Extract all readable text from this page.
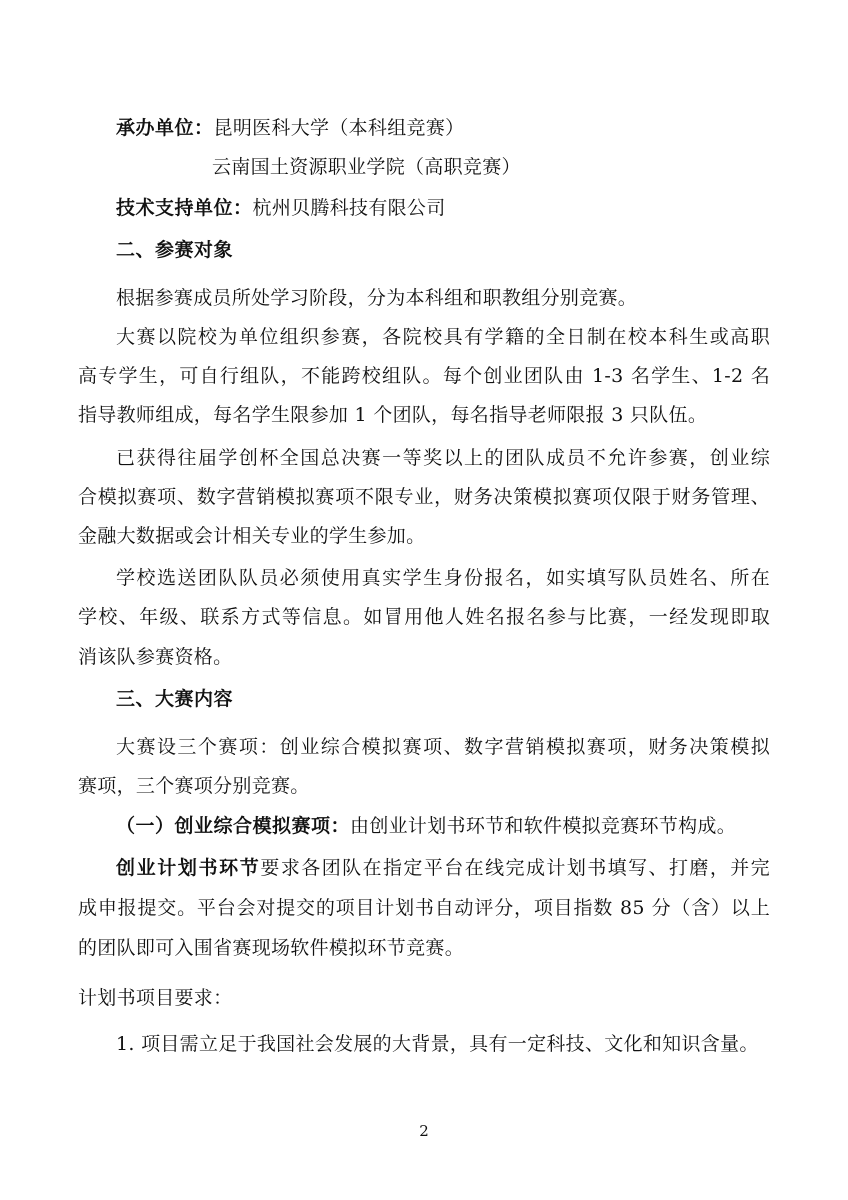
承办单位：昆明医科大学（本科组竞赛）
云南国土资源职业学院（高职竞赛）
技术支持单位：杭州贝腾科技有限公司
二、参赛对象
根据参赛成员所处学习阶段，分为本科组和职教组分别竞赛。
大赛以院校为单位组织参赛，各院校具有学籍的全日制在校本科生或高职
高专学生，可自行组队，不能跨校组队。每个创业团队由 1-3 名学生、1-2 名
指导教师组成，每名学生限参加 1 个团队，每名指导老师限报 3 只队伍。
已获得往届学创杯全国总决赛一等奖以上的团队成员不允许参赛，创业综
合模拟赛项、数字营销模拟赛项不限专业，财务决策模拟赛项仅限于财务管理、
金融大数据或会计相关专业的学生参加。
学校选送团队队员必须使用真实学生身份报名，如实填写队员姓名、所在
学校、年级、联系方式等信息。如冒用他人姓名报名参与比赛，一经发现即取
消该队参赛资格。
三、大赛内容
大赛设三个赛项：创业综合模拟赛项、数字营销模拟赛项，财务决策模拟
赛项，三个赛项分别竞赛。
（一）创业综合模拟赛项：由创业计划书环节和软件模拟竞赛环节构成。
创业计划书环节要求各团队在指定平台在线完成计划书填写、打磨，并完
成申报提交。平台会对提交的项目计划书自动评分，项目指数 85 分（含）以上
的团队即可入围省赛现场软件模拟环节竞赛。
计划书项目要求：
1. 项目需立足于我国社会发展的大背景，具有一定科技、文化和知识含量。
2
